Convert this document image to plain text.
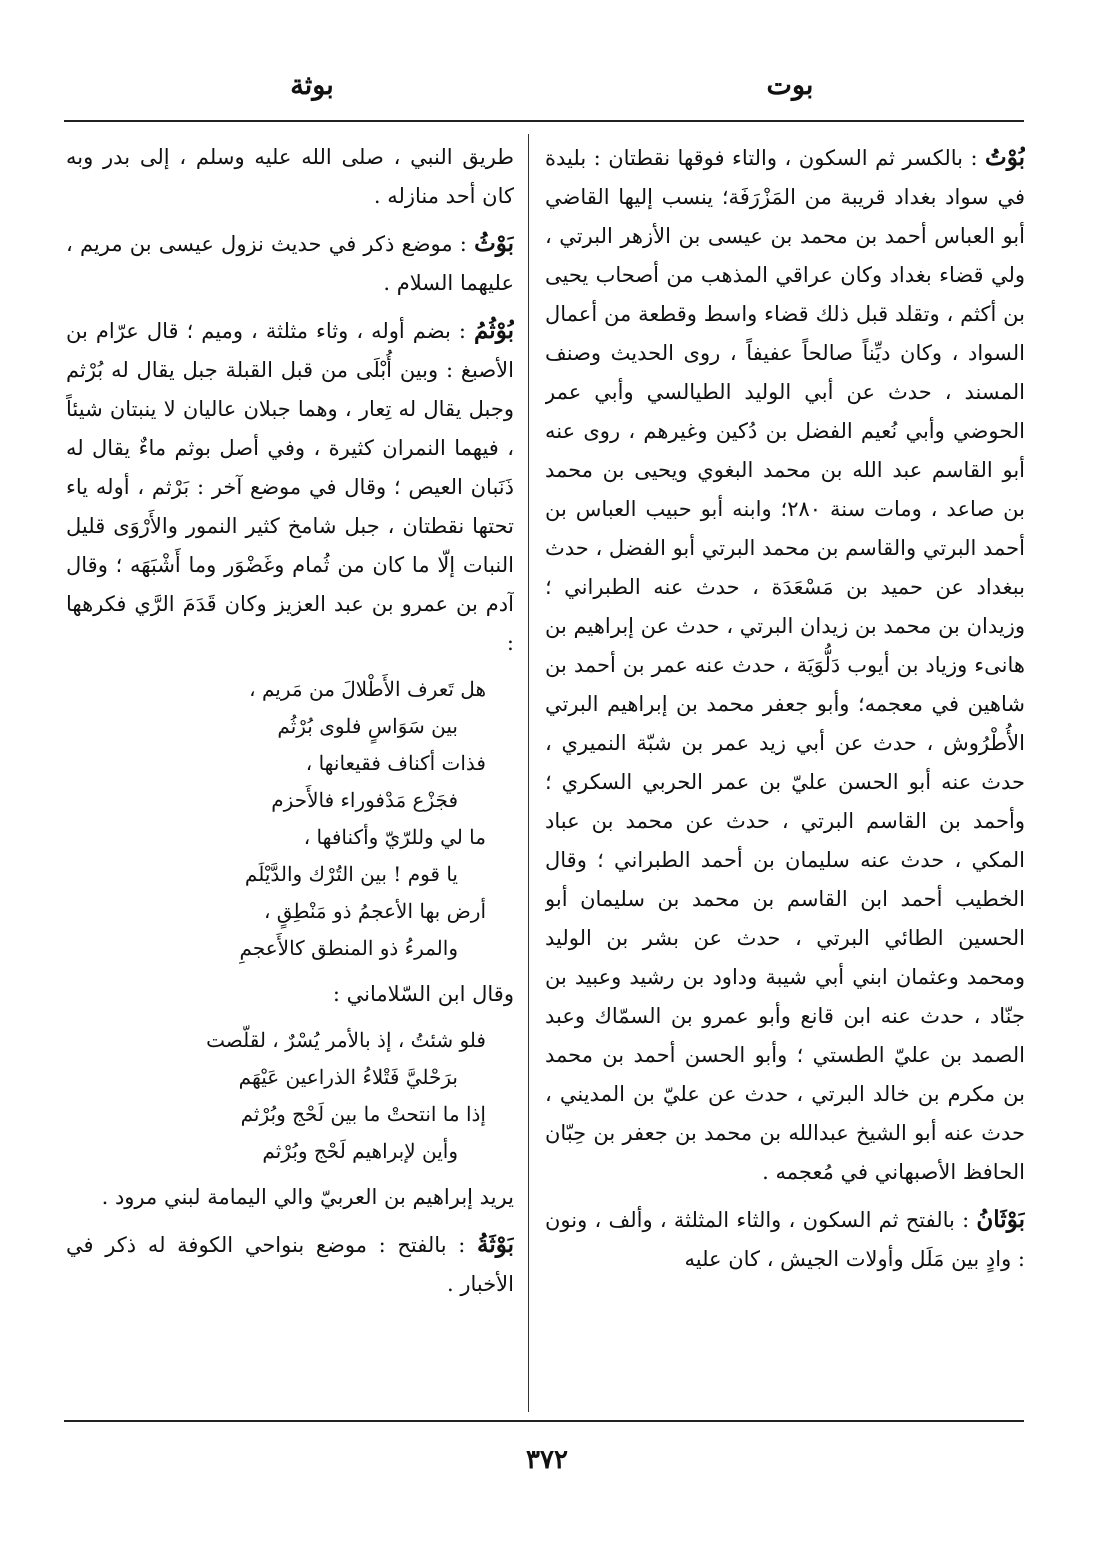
بوت
بوثة

بُوْتُ : بالكسر ثم السكون ، والتاء فوقها نقطتان : بليدة في سواد بغداد قريبة من المَزْرَفَة؛ ينسب إليها القاضي أبو العباس أحمد بن محمد بن عيسى بن الأزهر البرتي ، ولي قضاء بغداد وكان عراقي المذهب من أصحاب يحيى بن أكثم ، وتقلد قبل ذلك قضاء واسط وقطعة من أعمال السواد ، وكان ديِّناً صالحاً عفيفاً ، روى الحديث وصنف المسند ، حدث عن أبي الوليد الطيالسي وأبي عمر الحوضي وأبي نُعيم الفضل بن دُكين وغيرهم ، روى عنه أبو القاسم عبد الله بن محمد البغوي ويحيى بن محمد بن صاعد ، ومات سنة ٢٨٠؛ وابنه أبو حبيب العباس بن أحمد البرتي والقاسم بن محمد البرتي أبو الفضل ، حدث ببغداد عن حميد بن مَسْعَدَة ، حدث عنه الطبراني ؛ وزيدان بن محمد بن زيدان البرتي ، حدث عن إبراهيم بن هانىء وزياد بن أيوب دَلُّوَيَة ، حدث عنه عمر بن أحمد بن شاهين في معجمه؛ وأبو جعفر محمد بن إبراهيم البرتي الأُطْرُوش ، حدث عن أبي زيد عمر بن شبّة النميري ، حدث عنه أبو الحسن عليّ بن عمر الحربي السكري ؛ وأحمد بن القاسم البرتي ، حدث عن محمد بن عباد المكي ، حدث عنه سليمان بن أحمد الطبراني ؛ وقال الخطيب أحمد ابن القاسم بن محمد بن سليمان أبو الحسين الطائي البرتي ، حدث عن بشر بن الوليد ومحمد وعثمان ابني أبي شيبة وداود بن رشيد وعبيد بن جنّاد ، حدث عنه ابن قانع وأبو عمرو بن السمّاك وعبد الصمد بن عليّ الطستي ؛ وأبو الحسن أحمد بن محمد بن مكرم بن خالد البرتي ، حدث عن عليّ بن المديني ، حدث عنه أبو الشيخ عبدالله بن محمد بن جعفر بن حِبّان الحافظ الأصبهاني في مُعجمه .

بَوْثَانُ : بالفتح ثم السكون ، والثاء المثلثة ، وألف ، ونون : وادٍ بين مَلَل وأولات الجيش ، كان عليه

طريق النبي ، صلى الله عليه وسلم ، إلى بدر وبه كان أحد منازله .

بَوْثُ : موضع ذكر في حديث نزول عيسى بن مريم ، عليهما السلام .

بُوْثُمُ : بضم أوله ، وثاء مثلثة ، وميم ؛ قال عرّام بن الأصبغ : وبين أُبْلَى من قبل القبلة جبل يقال له بُرْثم وجبل يقال له تِعار ، وهما جبلان عاليان لا ينبتان شيئاً ، فيهما النمران كثيرة ، وفي أصل بوثم ماءٌ يقال له ذَنَبان العيص ؛ وقال في موضع آخر : بَرْثم ، أوله ياء تحتها نقطتان ، جبل شامخ كثير النمور والأَرْوَى قليل النبات إلّا ما كان من ثُمام وغَضْوَر وما أَشْبَهَه ؛ وقال آدم بن عمرو بن عبد العزيز وكان قَدَمَ الرَّي فكرهها :

هل تَعرف الأَطْلالَ من مَريم ،
بين سَوَاسٍ فلوى بُرْثُم
فذات أكناف فقيعانها ،
فجَزْع مَدْفوراء فالأَحزم
ما لي وللرّيّ وأكنافها ،
يا قوم ! بين التُرْك والدَّيْلَم
أرض بها الأعجمُ ذو مَنْطِقٍ ،
والمرءُ ذو المنطق كالأَعجمِ

وقال ابن السّلاماني :

فلو شئتُ ، إذ بالأمر يُسْرٌ ، لقلّصت
برَحْليَّ فَتْلاءُ الذراعين عَيْهَم
إذا ما انتحتْ ما بين لَحْج وبُرْثم
وأين لإبراهيم لَحْج وبُرْثم

يريد إبراهيم بن العربيّ والي اليمامة لبني مرود .

بَوْثَةُ : بالفتح : موضع بنواحي الكوفة له ذكر في الأخبار .

٣٧٢
